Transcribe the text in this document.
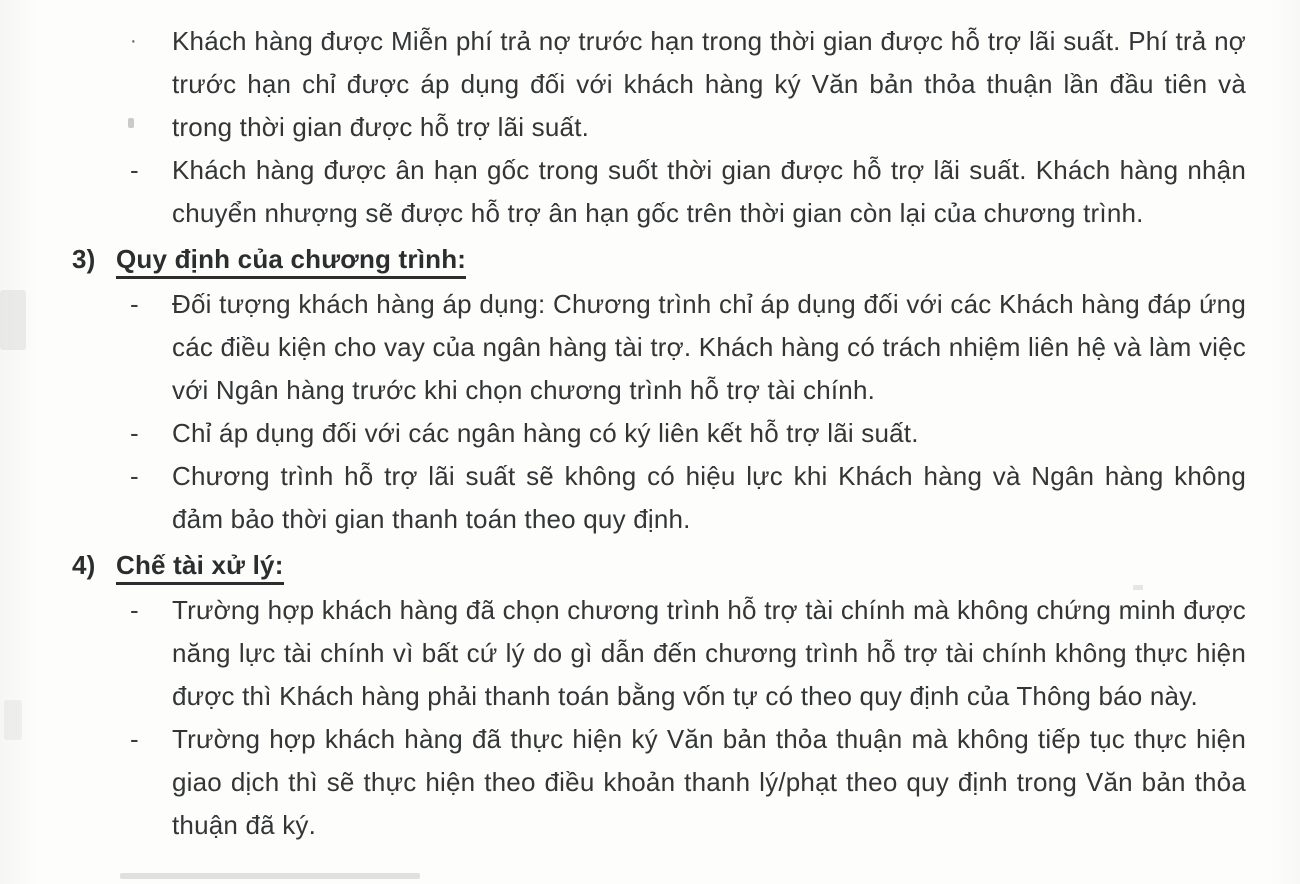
·	Khách hàng được Miễn phí trả nợ trước hạn trong thời gian được hỗ trợ lãi suất. Phí trả nợ trước hạn chỉ được áp dụng đối với khách hàng ký Văn bản thỏa thuận lần đầu tiên và trong thời gian được hỗ trợ lãi suất.
-	Khách hàng được ân hạn gốc trong suốt thời gian được hỗ trợ lãi suất. Khách hàng nhận chuyển nhượng sẽ được hỗ trợ ân hạn gốc trên thời gian còn lại của chương trình.
3) Quy định của chương trình:
-	Đối tượng khách hàng áp dụng: Chương trình chỉ áp dụng đối với các Khách hàng đáp ứng các điều kiện cho vay của ngân hàng tài trợ. Khách hàng có trách nhiệm liên hệ và làm việc với Ngân hàng trước khi chọn chương trình hỗ trợ tài chính.
-	Chỉ áp dụng đối với các ngân hàng có ký liên kết hỗ trợ lãi suất.
-	Chương trình hỗ trợ lãi suất sẽ không có hiệu lực khi Khách hàng và Ngân hàng không đảm bảo thời gian thanh toán theo quy định.
4) Chế tài xử lý:
-	Trường hợp khách hàng đã chọn chương trình hỗ trợ tài chính mà không chứng minh được năng lực tài chính vì bất cứ lý do gì dẫn đến chương trình hỗ trợ tài chính không thực hiện được thì Khách hàng phải thanh toán bằng vốn tự có theo quy định của Thông báo này.
-	Trường hợp khách hàng đã thực hiện ký Văn bản thỏa thuận mà không tiếp tục thực hiện giao dịch thì sẽ thực hiện theo điều khoản thanh lý/phạt theo quy định trong Văn bản thỏa thuận đã ký.
